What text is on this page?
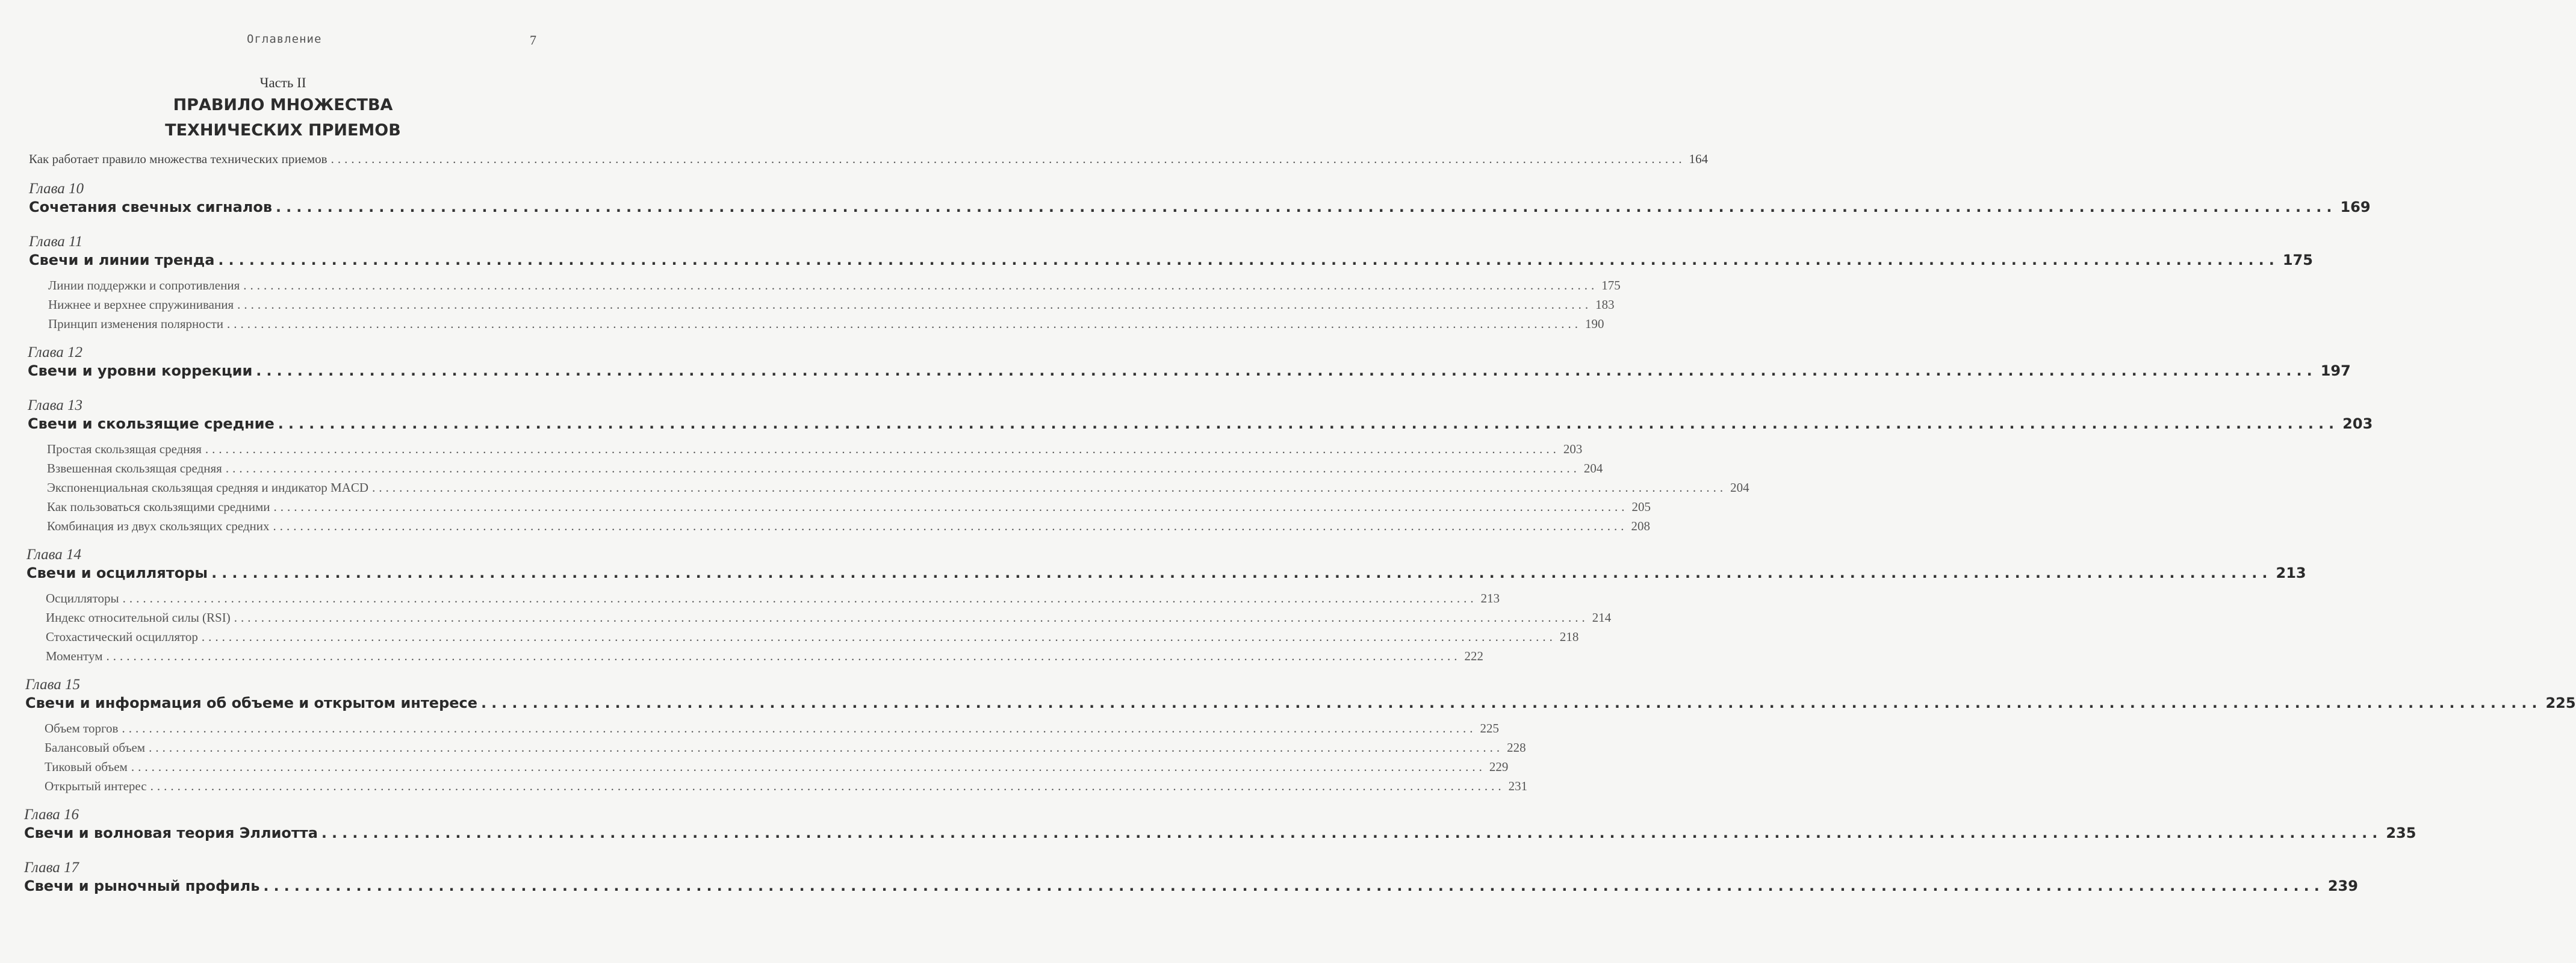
Оглавление	7
Часть II
ПРАВИЛО МНОЖЕСТВА
ТЕХНИЧЕСКИХ ПРИЕМОВ
Как работает правило множества технических приемов ........................................................................................................................................................................................................ 164
Глава 10
Сочетания свечных сигналов ........................................................................................................................................................................................................ 169
Глава 11
Свечи и линии тренда ........................................................................................................................................................................................................ 175
Линии поддержки и сопротивления ........................................................................................................................................................................................................ 175
Нижнее и верхнее спружинивания ........................................................................................................................................................................................................ 183
Принцип изменения полярности ........................................................................................................................................................................................................ 190
Глава 12
Свечи и уровни коррекции ........................................................................................................................................................................................................ 197
Глава 13
Свечи и скользящие средние ........................................................................................................................................................................................................ 203
Простая скользящая средняя ........................................................................................................................................................................................................ 203
Взвешенная скользящая средняя ........................................................................................................................................................................................................ 204
Экспоненциальная скользящая средняя и индикатор MACD ........................................................................................................................................................................................................ 204
Как пользоваться скользящими средними ........................................................................................................................................................................................................ 205
Комбинация из двух скользящих средних ........................................................................................................................................................................................................ 208
Глава 14
Свечи и осцилляторы ........................................................................................................................................................................................................ 213
Осцилляторы ........................................................................................................................................................................................................ 213
Индекс относительной силы (RSI) ........................................................................................................................................................................................................ 214
Стохастический осциллятор ........................................................................................................................................................................................................ 218
Моментум ........................................................................................................................................................................................................ 222
Глава 15
Свечи и информация об объеме и открытом интересе ........................................................................................................................................................................................................ 225
Объем торгов ........................................................................................................................................................................................................ 225
Балансовый объем ........................................................................................................................................................................................................ 228
Тиковый объем ........................................................................................................................................................................................................ 229
Открытый интерес ........................................................................................................................................................................................................ 231
Глава 16
Свечи и волновая теория Эллиотта ........................................................................................................................................................................................................ 235
Глава 17
Свечи и рыночный профиль ........................................................................................................................................................................................................ 239
